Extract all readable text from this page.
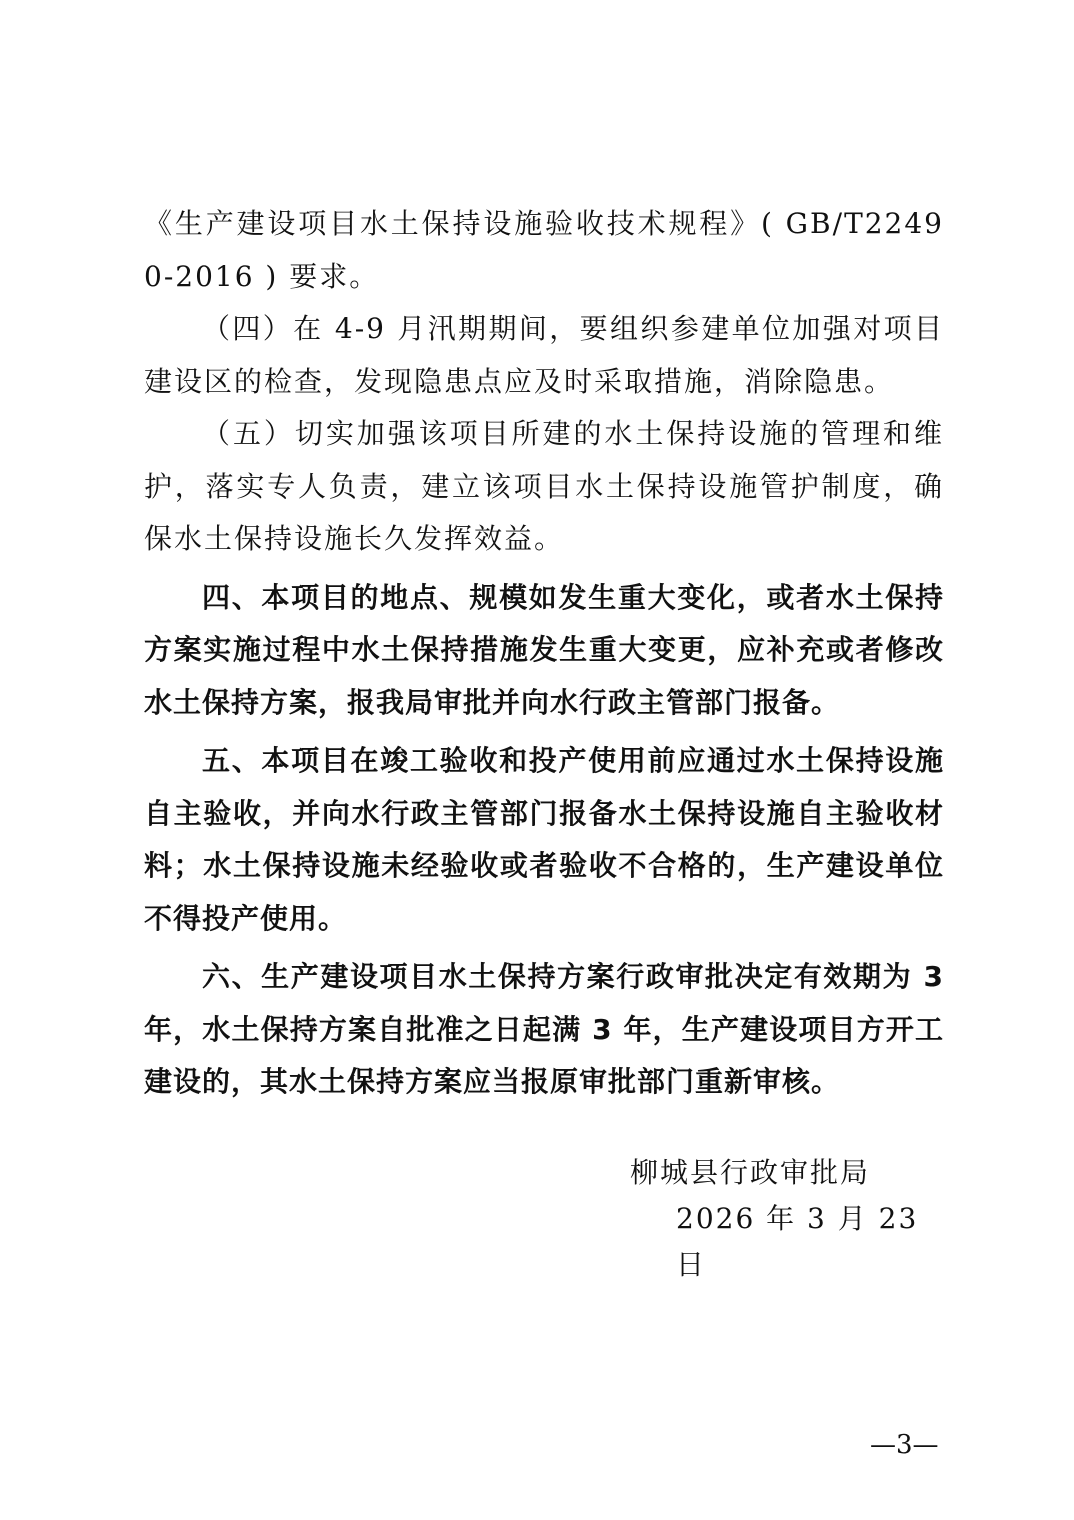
《生产建设项目水土保持设施验收技术规程》( GB/T22490-2016 ) 要求。

（四）在 4-9 月汛期期间，要组织参建单位加强对项目建设区的检查，发现隐患点应及时采取措施，消除隐患。

（五）切实加强该项目所建的水土保持设施的管理和维护，落实专人负责，建立该项目水土保持设施管护制度，确保水土保持设施长久发挥效益。

四、本项目的地点、规模如发生重大变化，或者水土保持方案实施过程中水土保持措施发生重大变更，应补充或者修改水土保持方案，报我局审批并向水行政主管部门报备。

五、本项目在竣工验收和投产使用前应通过水土保持设施自主验收，并向水行政主管部门报备水土保持设施自主验收材料；水土保持设施未经验收或者验收不合格的，生产建设单位不得投产使用。

六、生产建设项目水土保持方案行政审批决定有效期为 3 年，水土保持方案自批准之日起满 3 年，生产建设项目方开工建设的，其水土保持方案应当报原审批部门重新审核。

柳城县行政审批局
2026 年 3 月 23 日
—3—
